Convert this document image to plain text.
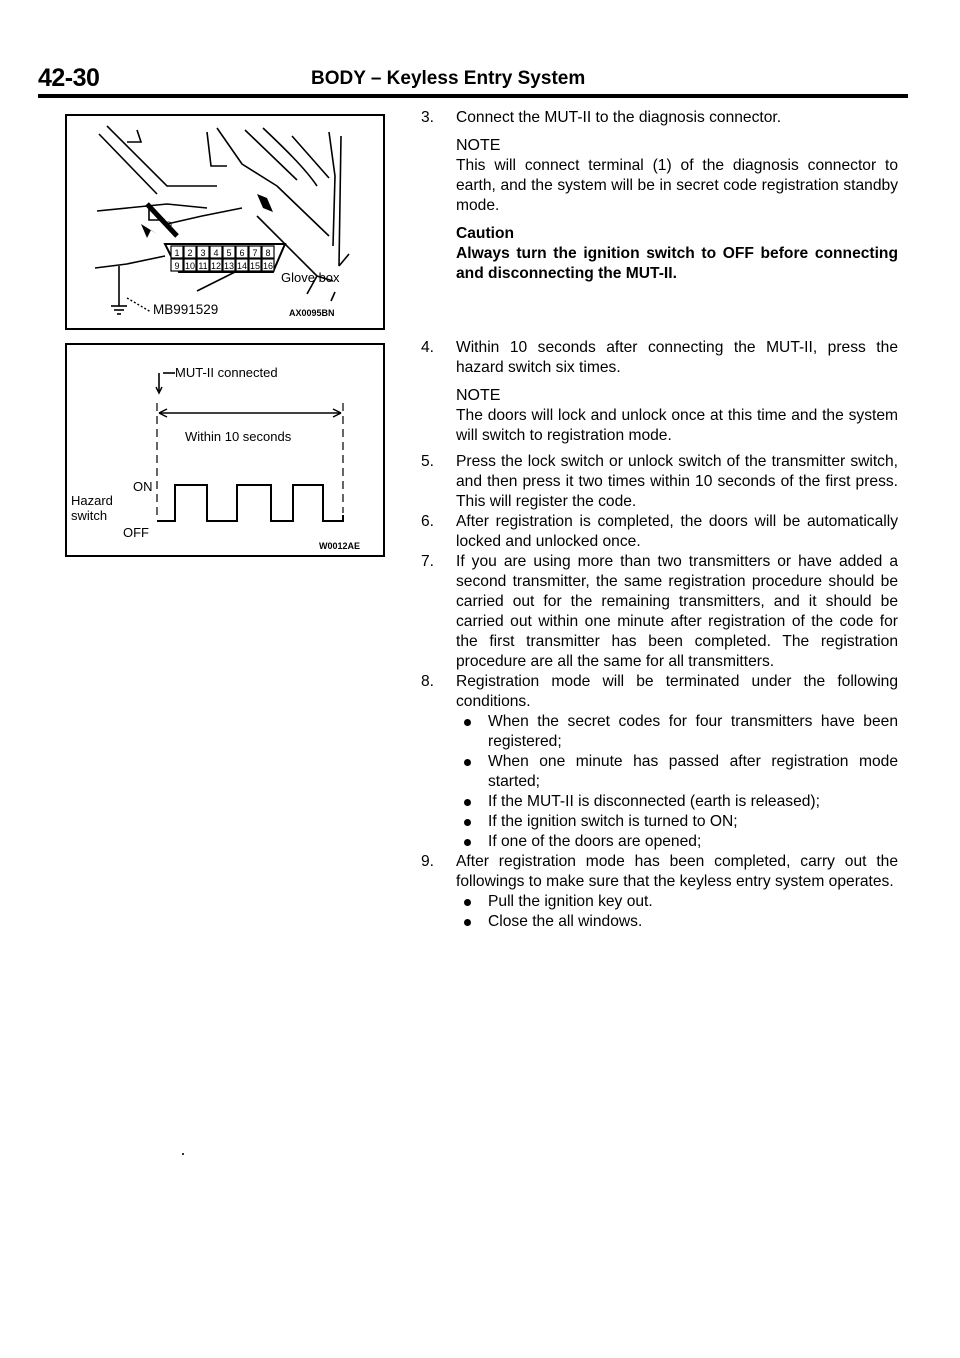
42-30	BODY – Keyless Entry System
1 2 3 4 5 6 7 8
9 10 11 12 13 14 15 16
Q
Glove box
MB991529	AX0095BN
MUT-II connected
Within 10 seconds
ON
Hazard
switch
OFF
W0012AE
3. Connect the MUT-II to the diagnosis connector.
NOTE
This will connect terminal (1) of the diagnosis connector to earth, and the system will be in secret code registration standby mode.
Caution
Always turn the ignition switch to OFF before connecting and disconnecting the MUT-II.
4. Within 10 seconds after connecting the MUT-II, press the hazard switch six times.
NOTE
The doors will lock and unlock once at this time and the system will switch to registration mode.
5. Press the lock switch or unlock switch of the transmitter switch, and then press it two times within 10 seconds of the first press. This will register the code.
6. After registration is completed, the doors will be automatically locked and unlocked once.
7. If you are using more than two transmitters or have added a second transmitter, the same registration procedure should be carried out for the remaining transmitters, and it should be carried out within one minute after registration of the code for the first transmitter has been completed. The registration procedure are all the same for all transmitters.
8. Registration mode will be terminated under the following conditions.
When the secret codes for four transmitters have been registered;
When one minute has passed after registration mode started;
If the MUT-II is disconnected (earth is released);
If the ignition switch is turned to ON;
If one of the doors are opened;
9. After registration mode has been completed, carry out the followings to make sure that the keyless entry system operates.
Pull the ignition key out.
Close the all windows.
